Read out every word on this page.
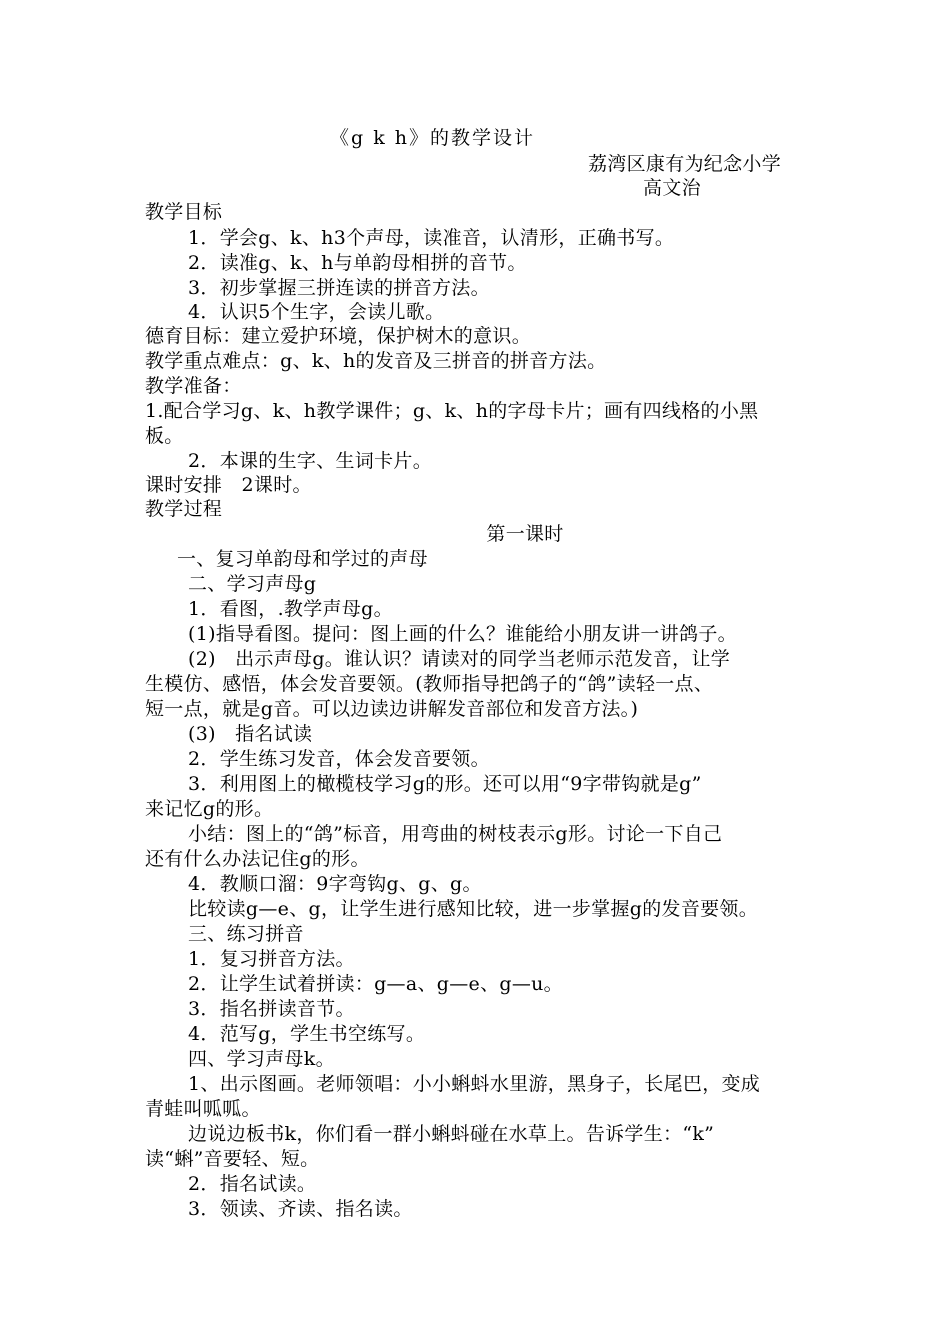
《g k h》的教学设计
荔湾区康有为纪念小学
高文治
教学目标
1．学会g、k、h3个声母，读准音，认清形，正确书写。
2．读准g、k、h与单韵母相拼的音节。
3．初步掌握三拼连读的拼音方法。
4．认识5个生字，会读儿歌。
德育目标：建立爱护环境，保护树木的意识。
教学重点难点：g、k、h的发音及三拼音的拼音方法。
教学准备：
1.配合学习g、k、h教学课件；g、k、h的字母卡片；画有四线格的小黑
板。
2．本课的生字、生词卡片。
课时安排　2课时。
教学过程
第一课时
一、复习单韵母和学过的声母
二、学习声母g
1．看图，.教学声母g。
(1)指导看图。提问：图上画的什么？谁能给小朋友讲一讲鸽子。
(2)　出示声母g。谁认识？请读对的同学当老师示范发音，让学
生模仿、感悟，体会发音要领。(教师指导把鸽子的“鸽”读轻一点、
短一点，就是g音。可以边读边讲解发音部位和发音方法。)
(3)　指名试读
2．学生练习发音，体会发音要领。
3．利用图上的橄榄枝学习g的形。还可以用“9字带钩就是g”
来记忆g的形。
小结：图上的“鸽”标音，用弯曲的树枝表示g形。讨论一下自己
还有什么办法记住g的形。
4．教顺口溜：9字弯钩g、g、g。
比较读g—e、g，让学生进行感知比较，进一步掌握g的发音要领。
三、练习拼音
1．复习拼音方法。
2．让学生试着拼读：g—a、g—e、g—u。
3．指名拼读音节。
4．范写g，学生书空练写。
四、学习声母k。
1、出示图画。老师领唱：小小蝌蚪水里游，黑身子，长尾巴，变成
青蛙叫呱呱。
边说边板书k，你们看一群小蝌蚪碰在水草上。告诉学生：“k”
读“蝌”音要轻、短。
2．指名试读。
3．领读、齐读、指名读。
